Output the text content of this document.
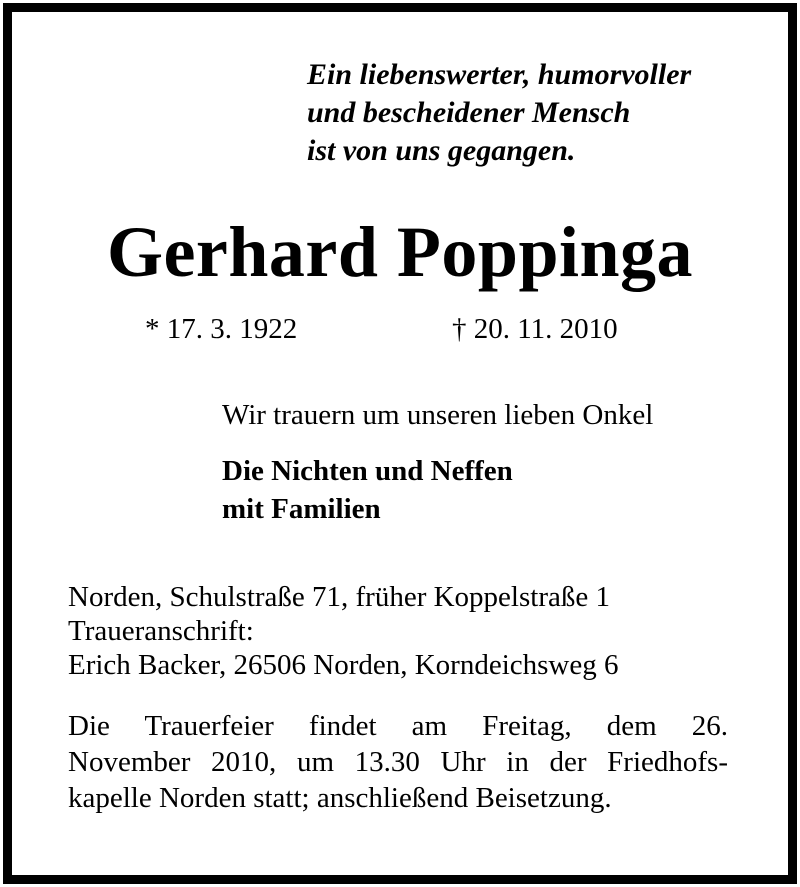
Ein liebenswerter, humorvoller
und bescheidener Mensch
ist von uns gegangen.
Gerhard Poppinga
* 17. 3. 1922	† 20. 11. 2010
Wir trauern um unseren lieben Onkel
Die Nichten und Neffen
mit Familien
Norden, Schulstraße 71, früher Koppelstraße 1
Traueranschrift:
Erich Backer, 26506 Norden, Korndeichsweg 6
Die Trauerfeier findet am Freitag, dem 26.
November 2010, um 13.30 Uhr in der Friedhofs-
kapelle Norden statt; anschließend Beisetzung.
